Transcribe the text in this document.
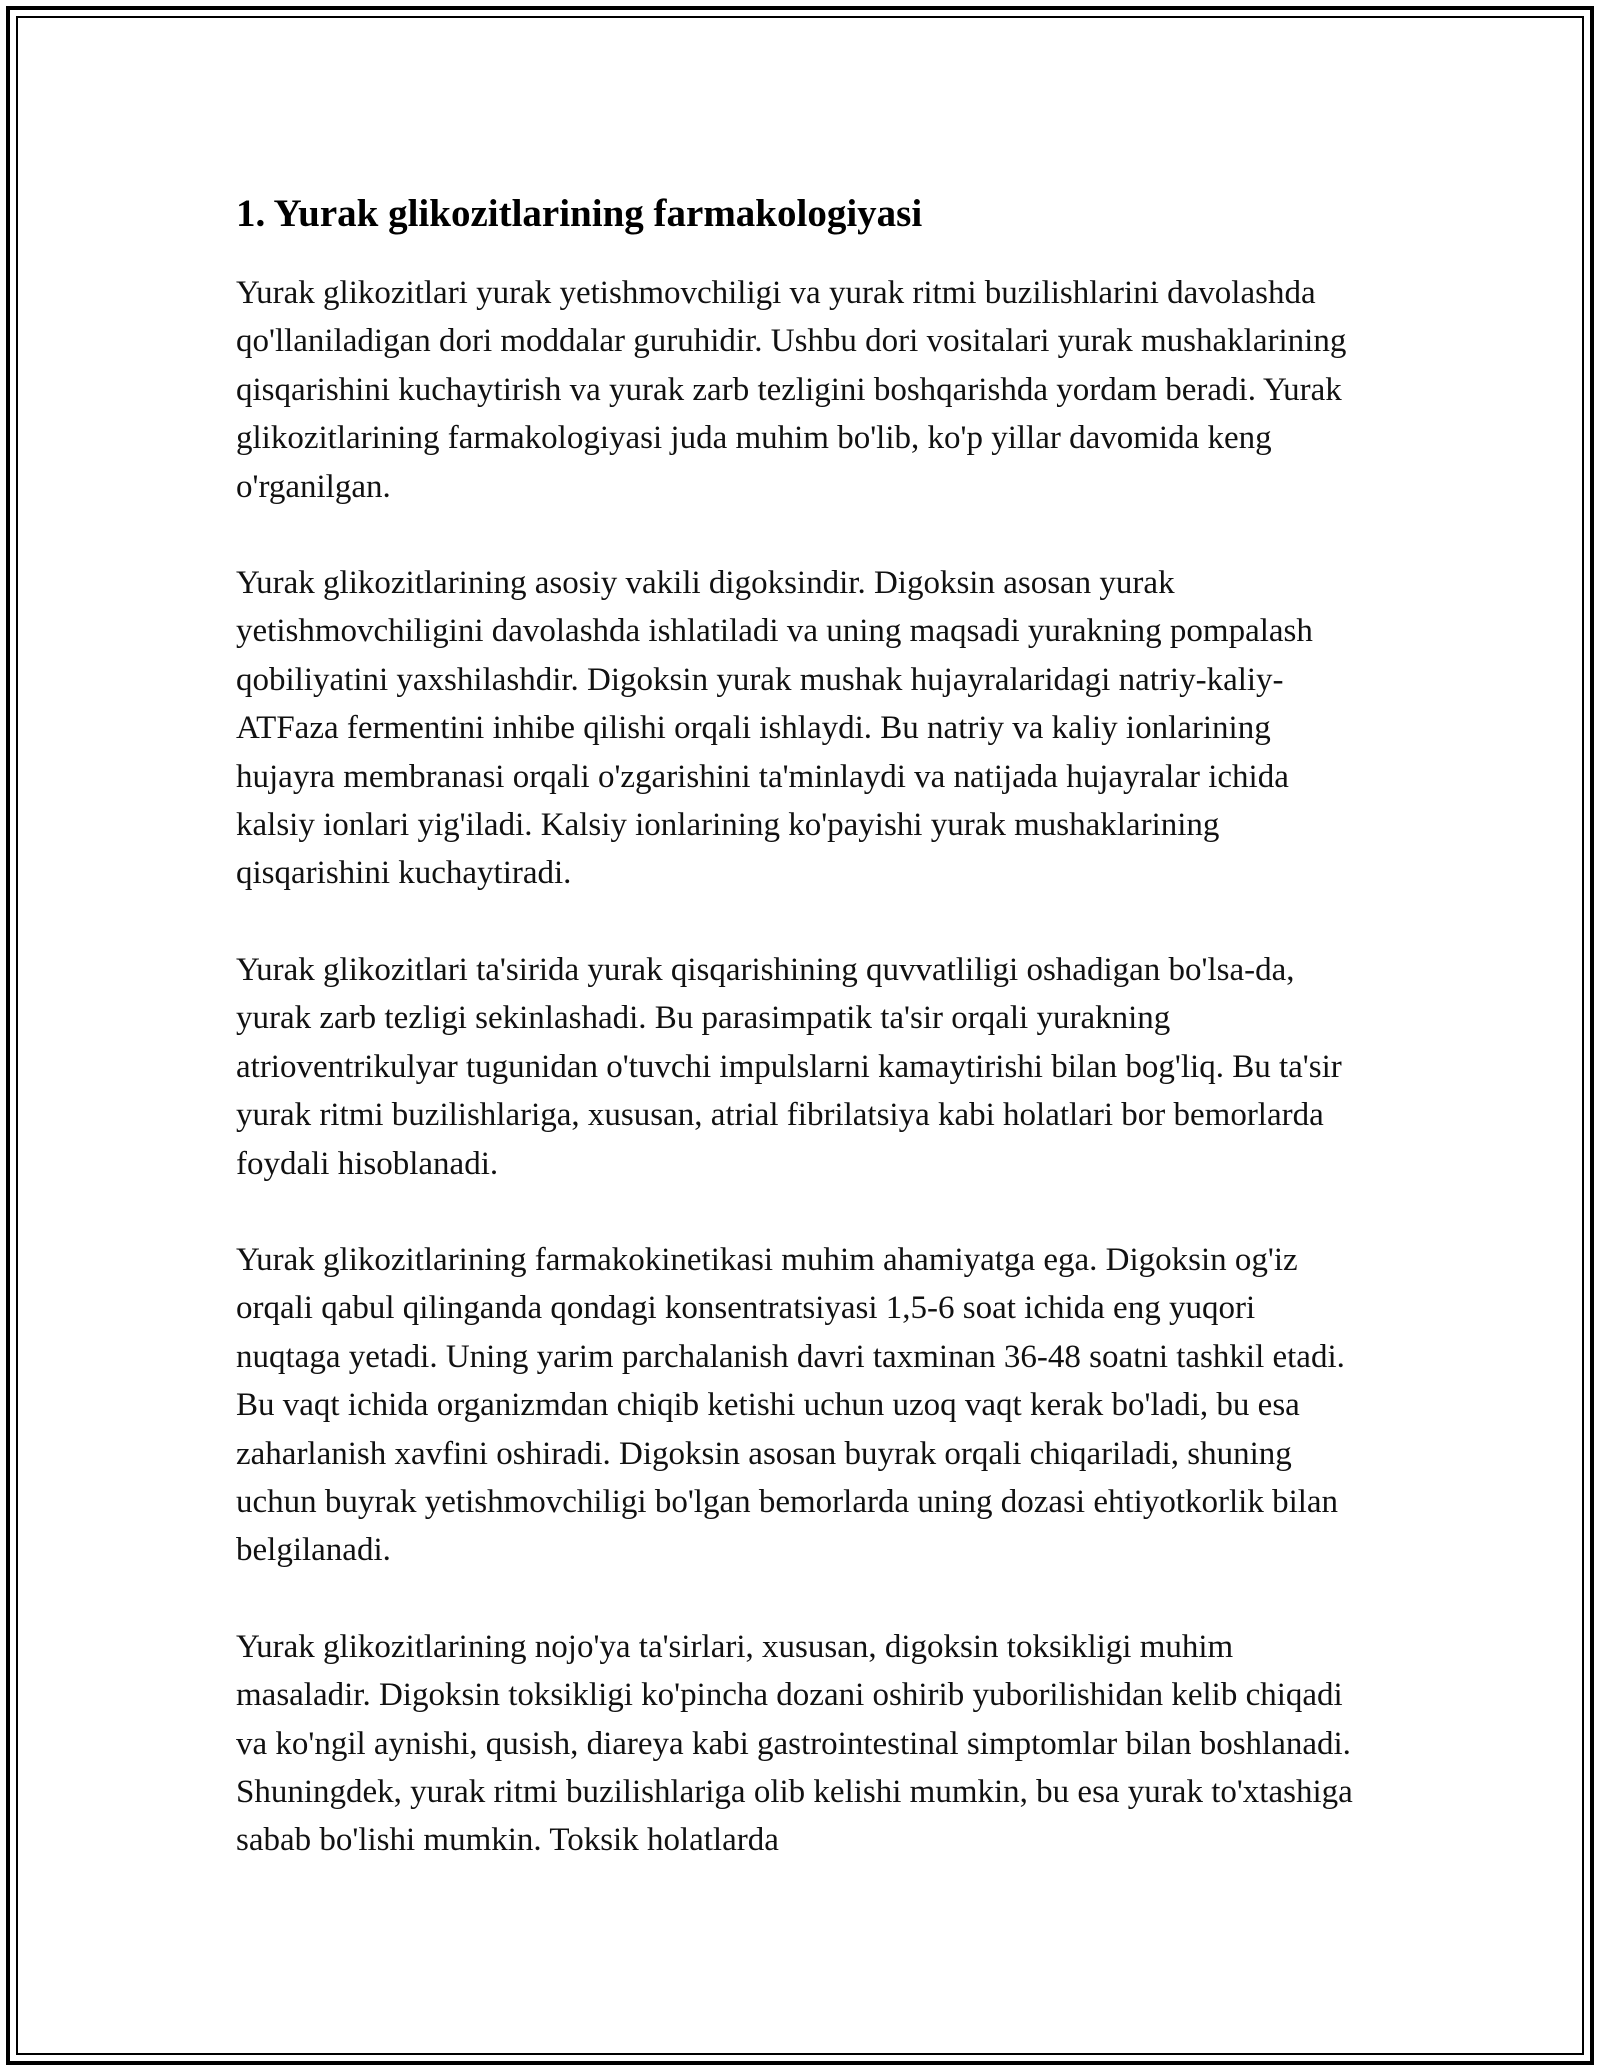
1. Yurak glikozitlarining farmakologiyasi

Yurak glikozitlari yurak yetishmovchiligi va yurak ritmi buzilishlarini davolashda qo'llaniladigan dori moddalar guruhidir. Ushbu dori vositalari yurak mushaklarining qisqarishini kuchaytirish va yurak zarb tezligini boshqarishda yordam beradi. Yurak glikozitlarining farmakologiyasi juda muhim bo'lib, ko'p yillar davomida keng o'rganilgan.

Yurak glikozitlarining asosiy vakili digoksindir. Digoksin asosan yurak yetishmovchiligini davolashda ishlatiladi va uning maqsadi yurakning pompalash qobiliyatini yaxshilashdir. Digoksin yurak mushak hujayralaridagi natriy-kaliy-ATFaza fermentini inhibe qilishi orqali ishlaydi. Bu natriy va kaliy ionlarining hujayra membranasi orqali o'zgarishini ta'minlaydi va natijada hujayralar ichida kalsiy ionlari yig'iladi. Kalsiy ionlarining ko'payishi yurak mushaklarining qisqarishini kuchaytiradi.

Yurak glikozitlari ta'sirida yurak qisqarishining quvvatliligi oshadigan bo'lsa-da, yurak zarb tezligi sekinlashadi. Bu parasimpatik ta'sir orqali yurakning atrioventrikulyar tugunidan o'tuvchi impulslarni kamaytirishi bilan bog'liq. Bu ta'sir yurak ritmi buzilishlariga, xususan, atrial fibrilatsiya kabi holatlari bor bemorlarda foydali hisoblanadi.

Yurak glikozitlarining farmakokinetikasi muhim ahamiyatga ega. Digoksin og'iz orqali qabul qilinganda qondagi konsentratsiyasi 1,5-6 soat ichida eng yuqori nuqtaga yetadi. Uning yarim parchalanish davri taxminan 36-48 soatni tashkil etadi. Bu vaqt ichida organizmdan chiqib ketishi uchun uzoq vaqt kerak bo'ladi, bu esa zaharlanish xavfini oshiradi. Digoksin asosan buyrak orqali chiqariladi, shuning uchun buyrak yetishmovchiligi bo'lgan bemorlarda uning dozasi ehtiyotkorlik bilan belgilanadi.

Yurak glikozitlarining nojo'ya ta'sirlari, xususan, digoksin toksikligi muhim masaladir. Digoksin toksikligi ko'pincha dozani oshirib yuborilishidan kelib chiqadi va ko'ngil aynishi, qusish, diareya kabi gastrointestinal simptomlar bilan boshlanadi. Shuningdek, yurak ritmi buzilishlariga olib kelishi mumkin, bu esa yurak to'xtashiga sabab bo'lishi mumkin. Toksik holatlarda
